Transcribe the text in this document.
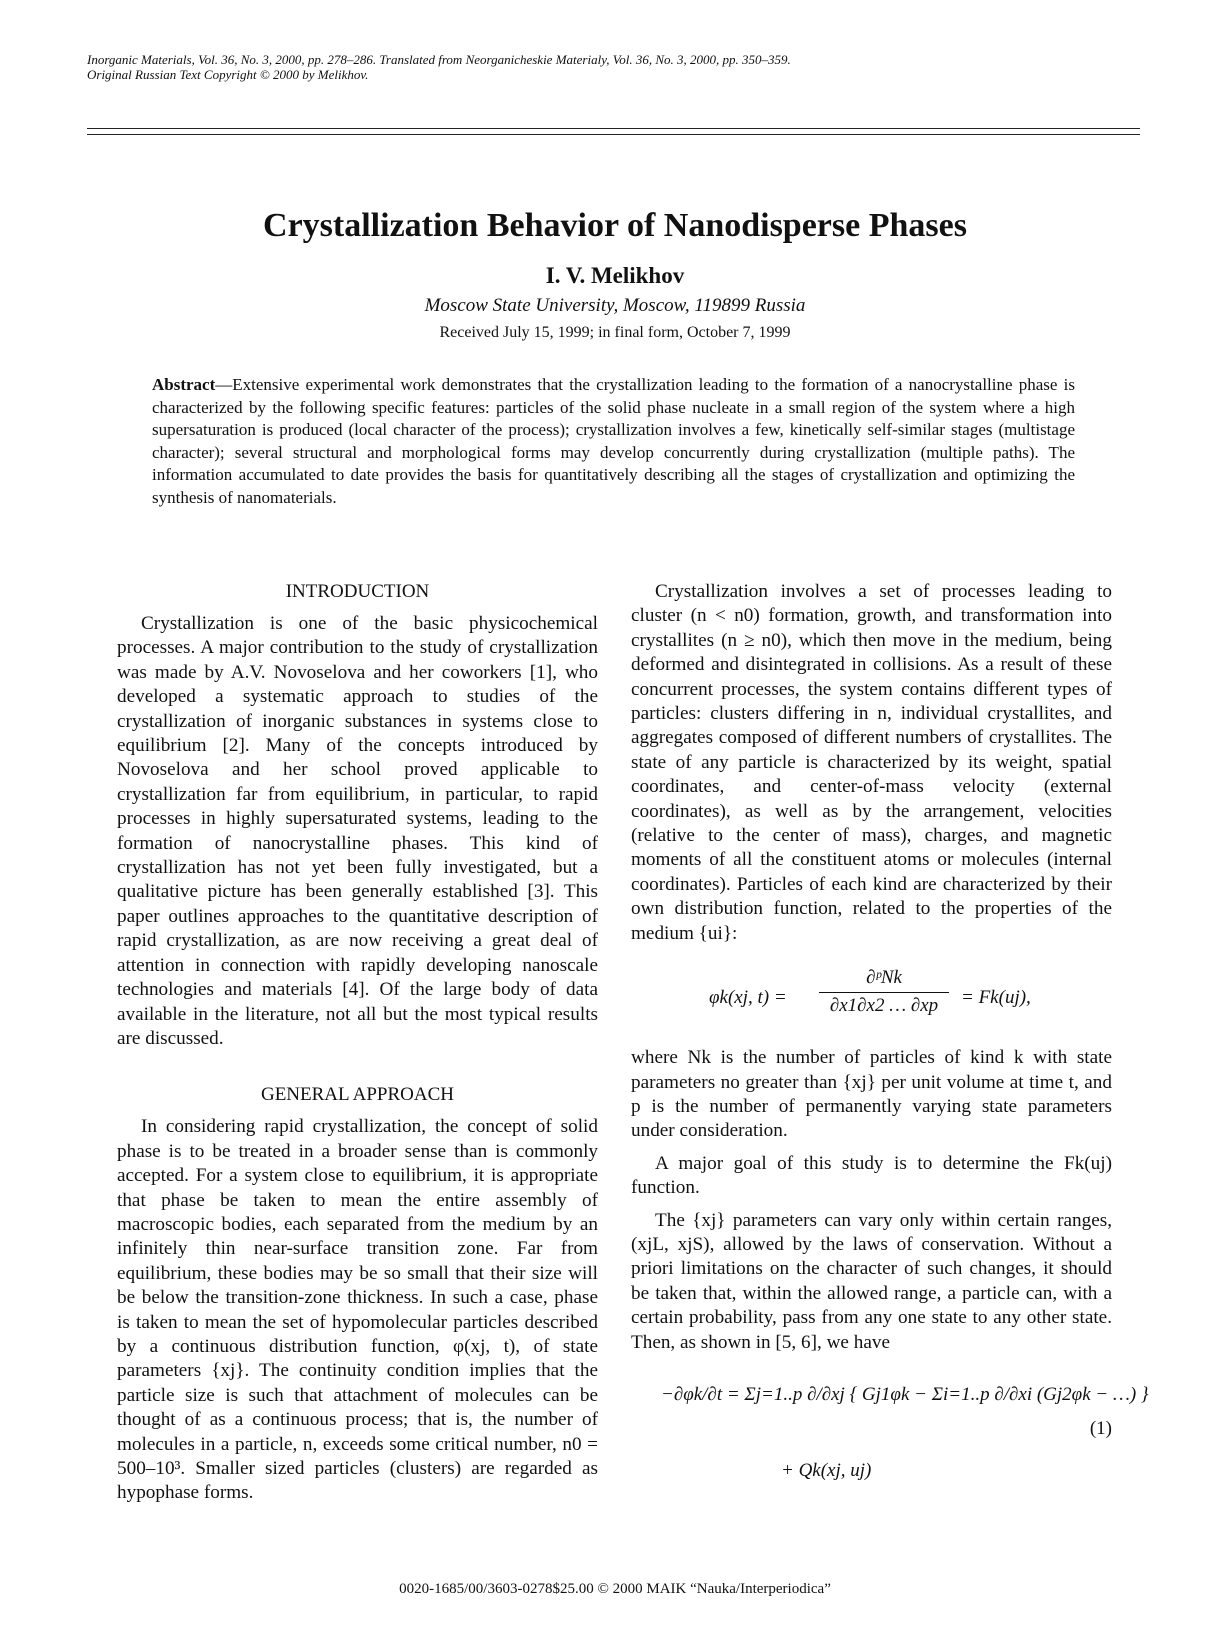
Inorganic Materials, Vol. 36, No. 3, 2000, pp. 278–286. Translated from Neorganicheskie Materialy, Vol. 36, No. 3, 2000, pp. 350–359.
Original Russian Text Copyright © 2000 by Melikhov.
Crystallization Behavior of Nanodisperse Phases
I. V. Melikhov
Moscow State University, Moscow, 119899 Russia
Received July 15, 1999; in final form, October 7, 1999
Abstract—Extensive experimental work demonstrates that the crystallization leading to the formation of a nanocrystalline phase is characterized by the following specific features: particles of the solid phase nucleate in a small region of the system where a high supersaturation is produced (local character of the process); crystallization involves a few, kinetically self-similar stages (multistage character); several structural and morphological forms may develop concurrently during crystallization (multiple paths). The information accumulated to date provides the basis for quantitatively describing all the stages of crystallization and optimizing the synthesis of nanomaterials.
INTRODUCTION

Crystallization is one of the basic physicochemical processes. A major contribution to the study of crystallization was made by A.V. Novoselova and her coworkers [1], who developed a systematic approach to studies of the crystallization of inorganic substances in systems close to equilibrium [2]. Many of the concepts introduced by Novoselova and her school proved applicable to crystallization far from equilibrium, in particular, to rapid processes in highly supersaturated systems, leading to the formation of nanocrystalline phases. This kind of crystallization has not yet been fully investigated, but a qualitative picture has been generally established [3]. This paper outlines approaches to the quantitative description of rapid crystallization, as are now receiving a great deal of attention in connection with rapidly developing nanoscale technologies and materials [4]. Of the large body of data available in the literature, not all but the most typical results are discussed.

GENERAL APPROACH

In considering rapid crystallization, the concept of solid phase is to be treated in a broader sense than is commonly accepted. For a system close to equilibrium, it is appropriate that phase be taken to mean the entire assembly of macroscopic bodies, each separated from the medium by an infinitely thin near-surface transition zone. Far from equilibrium, these bodies may be so small that their size will be below the transition-zone thickness. In such a case, phase is taken to mean the set of hypomolecular particles described by a continuous distribution function, φ(xj, t), of state parameters {xj}. The continuity condition implies that the particle size is such that attachment of molecules can be thought of as a continuous process; that is, the number of molecules in a particle, n, exceeds some critical number, n0 = 500–10³. Smaller sized particles (clusters) are regarded as hypophase forms.

Crystallization involves a set of processes leading to cluster (n < n0) formation, growth, and transformation into crystallites (n ≥ n0), which then move in the medium, being deformed and disintegrated in collisions. As a result of these concurrent processes, the system contains different types of particles: clusters differing in n, individual crystallites, and aggregates composed of different numbers of crystallites. The state of any particle is characterized by its weight, spatial coordinates, and center-of-mass velocity (external coordinates), as well as by the arrangement, velocities (relative to the center of mass), charges, and magnetic moments of all the constituent atoms or molecules (internal coordinates). Particles of each kind are characterized by their own distribution function, related to the properties of the medium {ui}:

φk(xj, t) =
∂ᵖNk
∂x1∂x2 … ∂xp	= Fk(uj),

where Nk is the number of particles of kind k with state parameters no greater than {xj} per unit volume at time t, and p is the number of permanently varying state parameters under consideration.

A major goal of this study is to determine the Fk(uj) function.

The {xj} parameters can vary only within certain ranges, (xjL, xjS), allowed by the laws of conservation. Without a priori limitations on the character of such changes, it should be taken that, within the allowed range, a particle can, with a certain probability, pass from any one state to any other state. Then, as shown in [5, 6], we have

−∂φk/∂t = Σj=1..p ∂/∂xj { Gj1φk − Σi=1..p ∂/∂xi (Gj2φk − …) }
(1)
+ Qk(xj, uj)
0020-1685/00/3603-0278$25.00 © 2000 MAIK “Nauka/Interperiodica”
